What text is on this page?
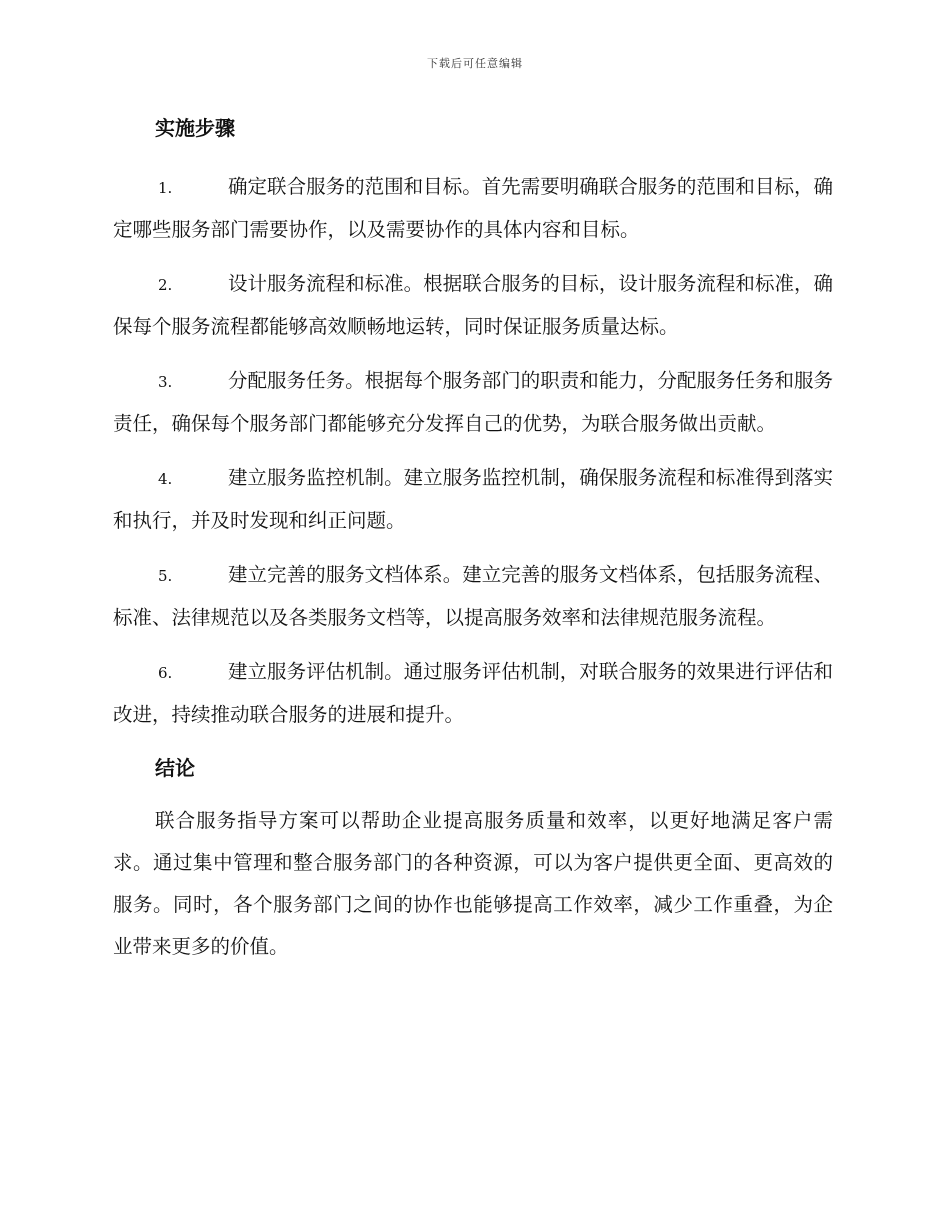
下载后可任意编辑
实施步骤
1.	确定联合服务的范围和目标。首先需要明确联合服务的范围和目标，确定哪些服务部门需要协作，以及需要协作的具体内容和目标。
2.	设计服务流程和标准。根据联合服务的目标，设计服务流程和标准，确保每个服务流程都能够高效顺畅地运转，同时保证服务质量达标。
3.	分配服务任务。根据每个服务部门的职责和能力，分配服务任务和服务责任，确保每个服务部门都能够充分发挥自己的优势，为联合服务做出贡献。
4.	建立服务监控机制。建立服务监控机制，确保服务流程和标准得到落实和执行，并及时发现和纠正问题。
5.	建立完善的服务文档体系。建立完善的服务文档体系，包括服务流程、标准、法律规范以及各类服务文档等，以提高服务效率和法律规范服务流程。
6.	建立服务评估机制。通过服务评估机制，对联合服务的效果进行评估和改进，持续推动联合服务的进展和提升。
结论

联合服务指导方案可以帮助企业提高服务质量和效率，以更好地满足客户需求。通过集中管理和整合服务部门的各种资源，可以为客户提供更全面、更高效的服务。同时，各个服务部门之间的协作也能够提高工作效率，减少工作重叠，为企业带来更多的价值。
